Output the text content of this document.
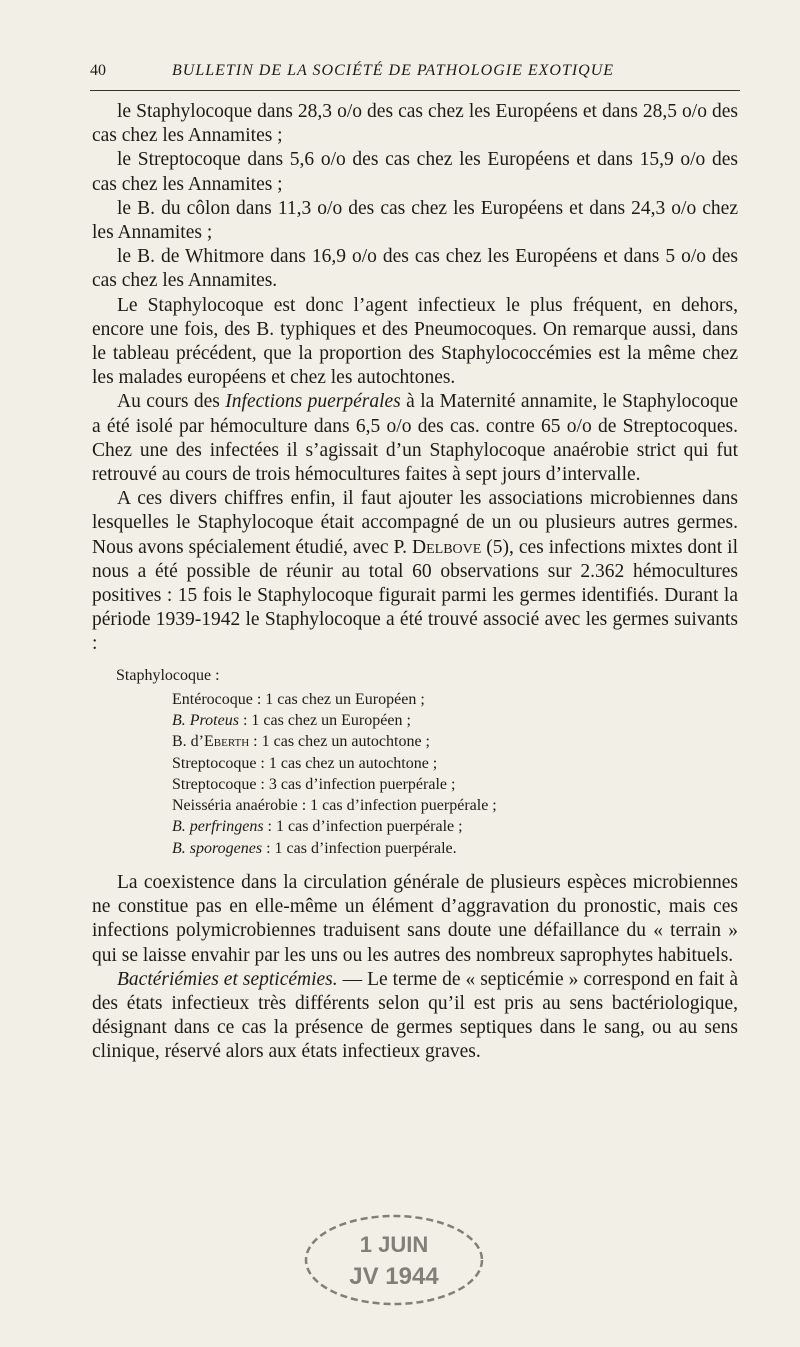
40	BULLETIN DE LA SOCIÉTÉ DE PATHOLOGIE EXOTIQUE

le Staphylocoque dans 28,3 o/o des cas chez les Européens et dans 28,5 o/o des cas chez les Annamites ;

le Streptocoque dans 5,6 o/o des cas chez les Européens et dans 15,9 o/o des cas chez les Annamites ;

le B. du côlon dans 11,3 o/o des cas chez les Européens et dans 24,3 o/o chez les Annamites ;

le B. de Whitmore dans 16,9 o/o des cas chez les Européens et dans 5 o/o des cas chez les Annamites.

Le Staphylocoque est donc l’agent infectieux le plus fréquent, en dehors, encore une fois, des B. typhiques et des Pneumocoques. On remarque aussi, dans le tableau précédent, que la proportion des Staphylococcémies est la même chez les malades européens et chez les autochtones.

Au cours des Infections puerpérales à la Maternité annamite, le Staphylocoque a été isolé par hémoculture dans 6,5 o/o des cas. contre 65 o/o de Streptocoques. Chez une des infectées il s’agissait d’un Staphylocoque anaérobie strict qui fut retrouvé au cours de trois hémocultures faites à sept jours d’intervalle.

A ces divers chiffres enfin, il faut ajouter les associations microbiennes dans lesquelles le Staphylocoque était accompagné de un ou plusieurs autres germes. Nous avons spécialement étudié, avec P. Delbove (5), ces infections mixtes dont il nous a été possible de réunir au total 60 observations sur 2.362 hémocultures positives : 15 fois le Staphylocoque figurait parmi les germes identifiés. Durant la période 1939-1942 le Staphylocoque a été trouvé associé avec les germes suivants :

Staphylocoque :

Entérocoque : 1 cas chez un Européen ;
B. Proteus : 1 cas chez un Européen ;
B. d’Eberth : 1 cas chez un autochtone ;
Streptocoque : 1 cas chez un autochtone ;
Streptocoque : 3 cas d’infection puerpérale ;
Neisséria anaérobie : 1 cas d’infection puerpérale ;
B. perfringens : 1 cas d’infection puerpérale ;
B. sporogenes : 1 cas d’infection puerpérale.

La coexistence dans la circulation générale de plusieurs espèces microbiennes ne constitue pas en elle-même un élément d’aggravation du pronostic, mais ces infections polymicrobiennes traduisent sans doute une défaillance du « terrain » qui se laisse envahir par les uns ou les autres des nombreux saprophytes habituels.

Bactériémies et septicémies. — Le terme de « septicémie » correspond en fait à des états infectieux très différents selon qu’il est pris au sens bactériologique, désignant dans ce cas la présence de germes septiques dans le sang, ou au sens clinique, réservé alors aux états infectieux graves.

1 JUIN
JV 1944
